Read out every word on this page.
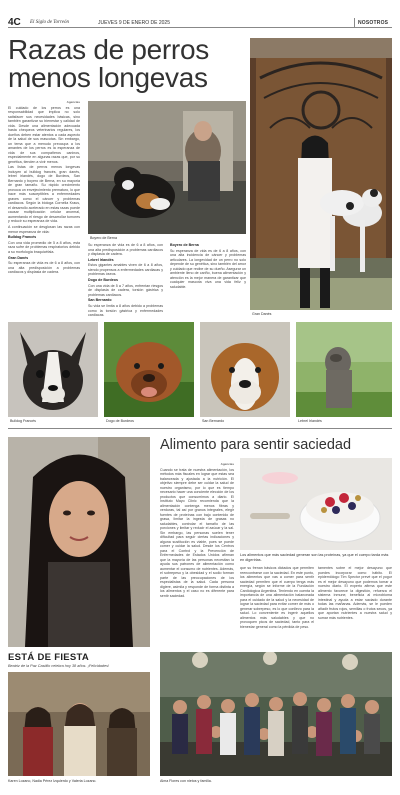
4C El Siglo de Torreón	JUEVES 9 DE ENERO DE 2025	NOSOTROS
Razas de perros
menos longevas

Agencias

El cuidado de los perros es una responsabilidad que implica no solo satisfacer sus necesidades básicas, sino también garantizar su bienestar y calidad de vida. Desde una alimentación adecuada hasta chequeos veterinarios regulares, los dueños deben estar atentos a cada aspecto de la salud de sus mascotas. Sin embargo, un tema que a menudo preocupa a los amantes de los perros es la esperanza de vida de sus compañeros caninos, especialmente en algunas razas que, por su genética, tienden a vivir menos.

Las listas de perros menos longevas incluyen al bulldog francés, gran danés, lebrel irlandés, dogo de Burdeos, San Bernardo y boyero de Berna, en su mayoría de gran tamaño. Su rápido crecimiento provoca un envejecimiento prematuro, lo que hace más susceptibles a enfermedades graves como el cáncer y problemas cardiacos. Según la biologa Cornelia Kraus, el desarrollo acelerado en estas razas puede causar multiplicación celular anormal, aumentando el riesgo de desarrollar tumores y reducir su esperanza de vida.

A continuación se desglosan las razas con menor esperanza de vida:

Bulldog Francés

Con una vida promedio de 5 a 8 años, esta raza sufre de problemas respiratorios debido a su morfología braquicéfala.

Gran Danés

Su esperanza de vida es de 6 a 8 años, con una alta predisposición a problemas cardiacos y displasia de cadera.

Boyero de Berna
Gran Danés

Su esperanza de vida es de 6 a 8 años, con una alta predisposición a problemas cardiacos y displasia de cadera.

Lebrel Irlandés

Estos gigantes amables viven de 6 a 8 años, siendo propensos a enfermedades cardiacas y problemas óseos.

Dogo de Burdeos

Con una vida de 5 a 7 años, enfrentan riesgos de displasia de cadera, torsión gástrica y problemas cardiacos.

San Bernardo

Su vida se limita a 8 años debido a problemas como la torsión gástrica y enfermedades cardiacas.

Boyero de Berna

Su esperanza de vida es de 6 a 8 años, con una alta incidencia de cáncer y problemas articulares. La longevidad de un perro no solo depende de su genética, sino también del amor y cuidado que recibe de su dueño. Asegurar un ambiente lleno de cariño, buena alimentación y atención es la mejor manera de garantizar que cualquier mascota viva una vida feliz y saludable.

Bulldog Francés	Dogo de Burdeos	San Bernardo	Lebrel Irlandés
Alimento para sentir saciedad

Agencias

Cuando se trata de nuestra alimentación, los métodos más fiscales en lograr que estas sea balanceada y ajustada a la nutrición. El objetivo siempre debe ser cuidar la salud de nuestro organismo, por lo que es tiempo necesario hacer una conciente elección de los productos que consumimos a diario. El Instituto Mayo Clinic recomienda que la alimentación contenga menos fibras y verduras, tal así por granos integrales, elegir fuentes de proteínas con bajo contenido de grasa, limitar la ingesta de grasas no saludables, controlar el tamaño de las porciones y limitar y reducir el azúcar y la sal. Sin embargo, las personas suelen tener dificultad para seguir ciertas indicaciones y alguna sustitución es viable, pues se puede comer y cuidar la salud. Desde los Centros para el Control y la Prevención de Enfermedades de Estados Unidos afirman que la mayoría de las personas necesitan la ayuda sus patrones de alimentación como aumentar el consumo de nutrientes. Además, el sobrepeso y la obesidad y el sodio forman parte de las preocupaciones de los especialistas de la salud. Cada persona digiere, asimila y responde de forma distinta a los alimentos y el caso no es diferente para sentir saciedad.

Los alimentos que más saciedad generan son las proteínas, ya que el cuerpo tarda más en digerirlas.

que su frenan básicos dictados que permiten reencontrarse con la saciedad. En este punto, los alimentos que vas a comer para sentir saciedad permiten que el cuerpo tenga más energía, según se informe de la Fundación Cardiologica Argentina. Teniendo en cuenta la importancia de una alimentación balanceada para el cuidado de la salud y la necesidad de lograr la saciedad para evitar comer de más o generar sobrepeso, es lo que conllevo para la salud. Lo conveniente es ingerir aquellos alimentos más saludables y que no provoquen picos de saciedad, tanto para el bienestar general como la pérdida de peso.

tamentes sobre el mejor desayuno que puedes incorporar como hábito. El epidemiólogo Tim Spector prevé que el yogur es el mejor desayuno que podemos tomar a nuestro diario. El experto afirma que este alimento favorece la digestión, refuerza el sistema inmune, beneficia al microbioma intestinal y ayuda a estar saciado durante todas las mañanas. Además, se le pueden añadir frutos rojos, semillas o frutos secos, ya que aportan nutrientes a nuestra salud y sumar más nutrientes.

ESTÁ DE FIESTA
Beatriz de la Paz Castillo celebra hoy 38 años. ¡Felicidades!
Karen Lozano, Nadia Pérez Izquierdo y Valeria Lozano.	Alma Flores con nietos y familia.
